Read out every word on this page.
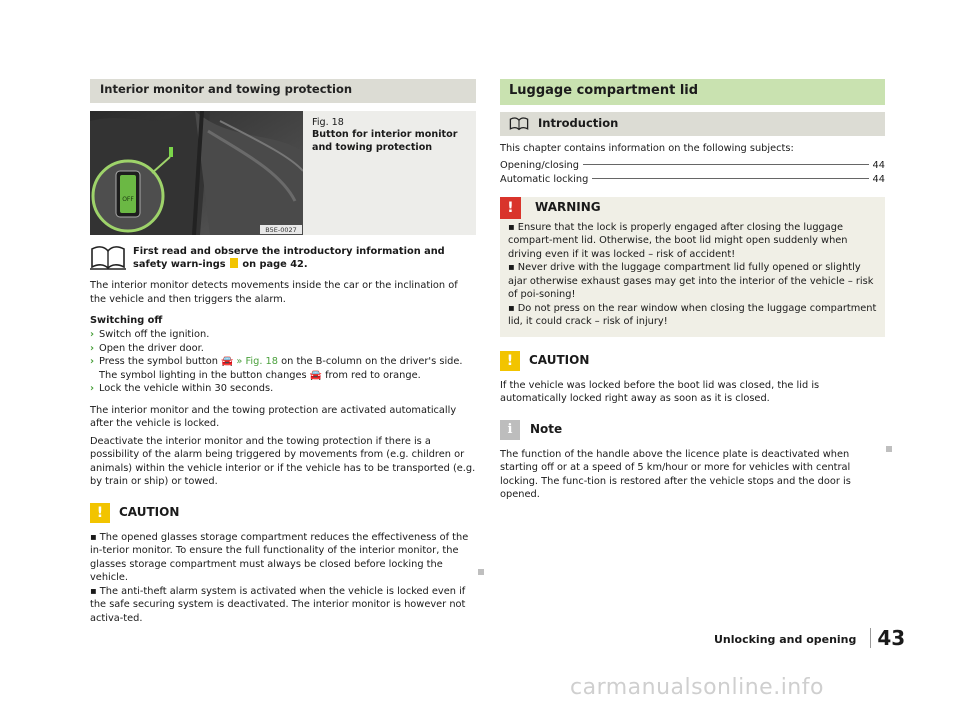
Interior monitor and towing protection
OFF
B5E-0027
Fig. 18
Button for interior monitor and towing protection

First read and observe the introductory information and safety warn-ings on page 42.

The interior monitor detects movements inside the car or the inclination of the vehicle and then triggers the alarm.

Switching off
› Switch off the ignition.
› Open the driver door.
› Press the symbol button 🚘 » Fig. 18 on the B-column on the driver's side. The symbol lighting in the button changes 🚘 from red to orange.
› Lock the vehicle within 30 seconds.

The interior monitor and the towing protection are activated automatically after the vehicle is locked.

Deactivate the interior monitor and the towing protection if there is a possibility of the alarm being triggered by movements from (e.g. children or animals) within the vehicle interior or if the vehicle has to be transported (e.g. by train or ship) or towed.

!	CAUTION

▪ The opened glasses storage compartment reduces the effectiveness of the in-terior monitor. To ensure the full functionality of the interior monitor, the glasses storage compartment must always be closed before locking the vehicle.
▪ The anti-theft alarm system is activated when the vehicle is locked even if the safe securing system is deactivated. The interior monitor is however not activa-ted.

Luggage compartment lid
Introduction

This chapter contains information on the following subjects:

Opening/closing	44
Automatic locking	44
!	WARNING
▪ Ensure that the lock is properly engaged after closing the luggage compart-ment lid. Otherwise, the boot lid might open suddenly when driving even if it was locked – risk of accident!
▪ Never drive with the luggage compartment lid fully opened or slightly ajar otherwise exhaust gases may get into the interior of the vehicle – risk of poi-soning!
▪ Do not press on the rear window when closing the luggage compartment lid, it could crack – risk of injury!
!	CAUTION

If the vehicle was locked before the boot lid was closed, the lid is automatically locked right away as soon as it is closed.

i	Note

The function of the handle above the licence plate is deactivated when starting off or at a speed of 5 km/hour or more for vehicles with central locking. The func-tion is restored after the vehicle stops and the door is opened.

Unlocking and opening	43
carmanualsonline.info
